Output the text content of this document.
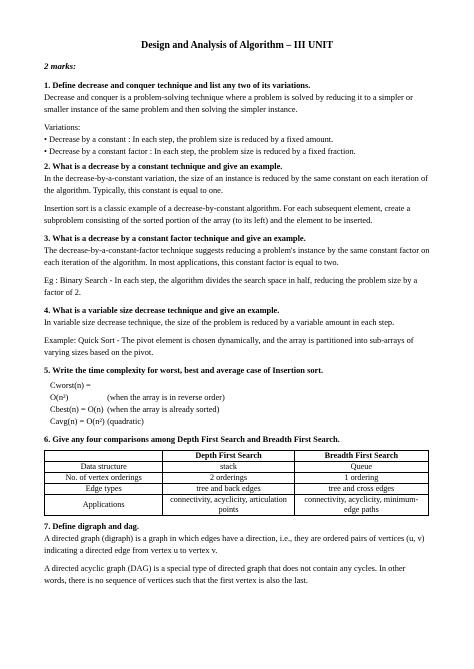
Design and Analysis of Algorithm – III UNIT

2 marks:

1. Define decrease and conquer technique and list any two of its variations.

Decrease and conquer is a problem-solving technique where a problem is solved by reducing it to a simpler or smaller instance of the same problem and then solving the simpler instance.

Variations:

• Decrease by a constant : In each step, the problem size is reduced by a fixed amount.

• Decrease by a constant factor : In each step, the problem size is reduced by a fixed fraction.

2. What is a decrease by a constant technique and give an example.

In the decrease-by-a-constant variation, the size of an instance is reduced by the same constant on each iteration of the algorithm. Typically, this constant is equal to one.

Insertion sort is a classic example of a decrease-by-constant algorithm. For each subsequent element, create a subproblem consisting of the sorted portion of the array (to its left) and the element to be inserted.

3. What is a decrease by a constant factor technique and give an example.

The decrease-by-a-constant-factor technique suggests reducing a problem's instance by the same constant factor on each iteration of the algorithm. In most applications, this constant factor is equal to two.

Eg : Binary Search - In each step, the algorithm divides the search space in half, reducing the problem size by a factor of 2.

4. What is a variable size decrease technique and give an example.

In variable size decrease technique, the size of the problem is reduced by a variable amount in each step.

Example: Quick Sort - The pivot element is chosen dynamically, and the array is partitioned into sub-arrays of varying sizes based on the pivot.

5. Write the time complexity for worst, best and average case of Insertion sort.

Cworst(n) = O(n²)	(when the array is in reverse order)

Cbest(n) = O(n) (when the array is already sorted)

Cavg(n) = O(n²) (quadratic)

6. Give any four comparisons among Depth First Search and Breadth First Search.

	Depth First Search	Breadth First Search
Data structure	stack	Queue
No. of vertex orderings	2 orderings	1 ordering
Edge types	tree and back edges	tree and cross edges
Applications	connectivity, acyclicity, articulation points	connectivity, acyclicity, minimum-edge paths

7. Define digraph and dag.

A directed graph (digraph) is a graph in which edges have a direction, i.e., they are ordered pairs of vertices (u, v) indicating a directed edge from vertex u to vertex v.

A directed acyclic graph (DAG) is a special type of directed graph that does not contain any cycles. In other words, there is no sequence of vertices such that the first vertex is also the last.
